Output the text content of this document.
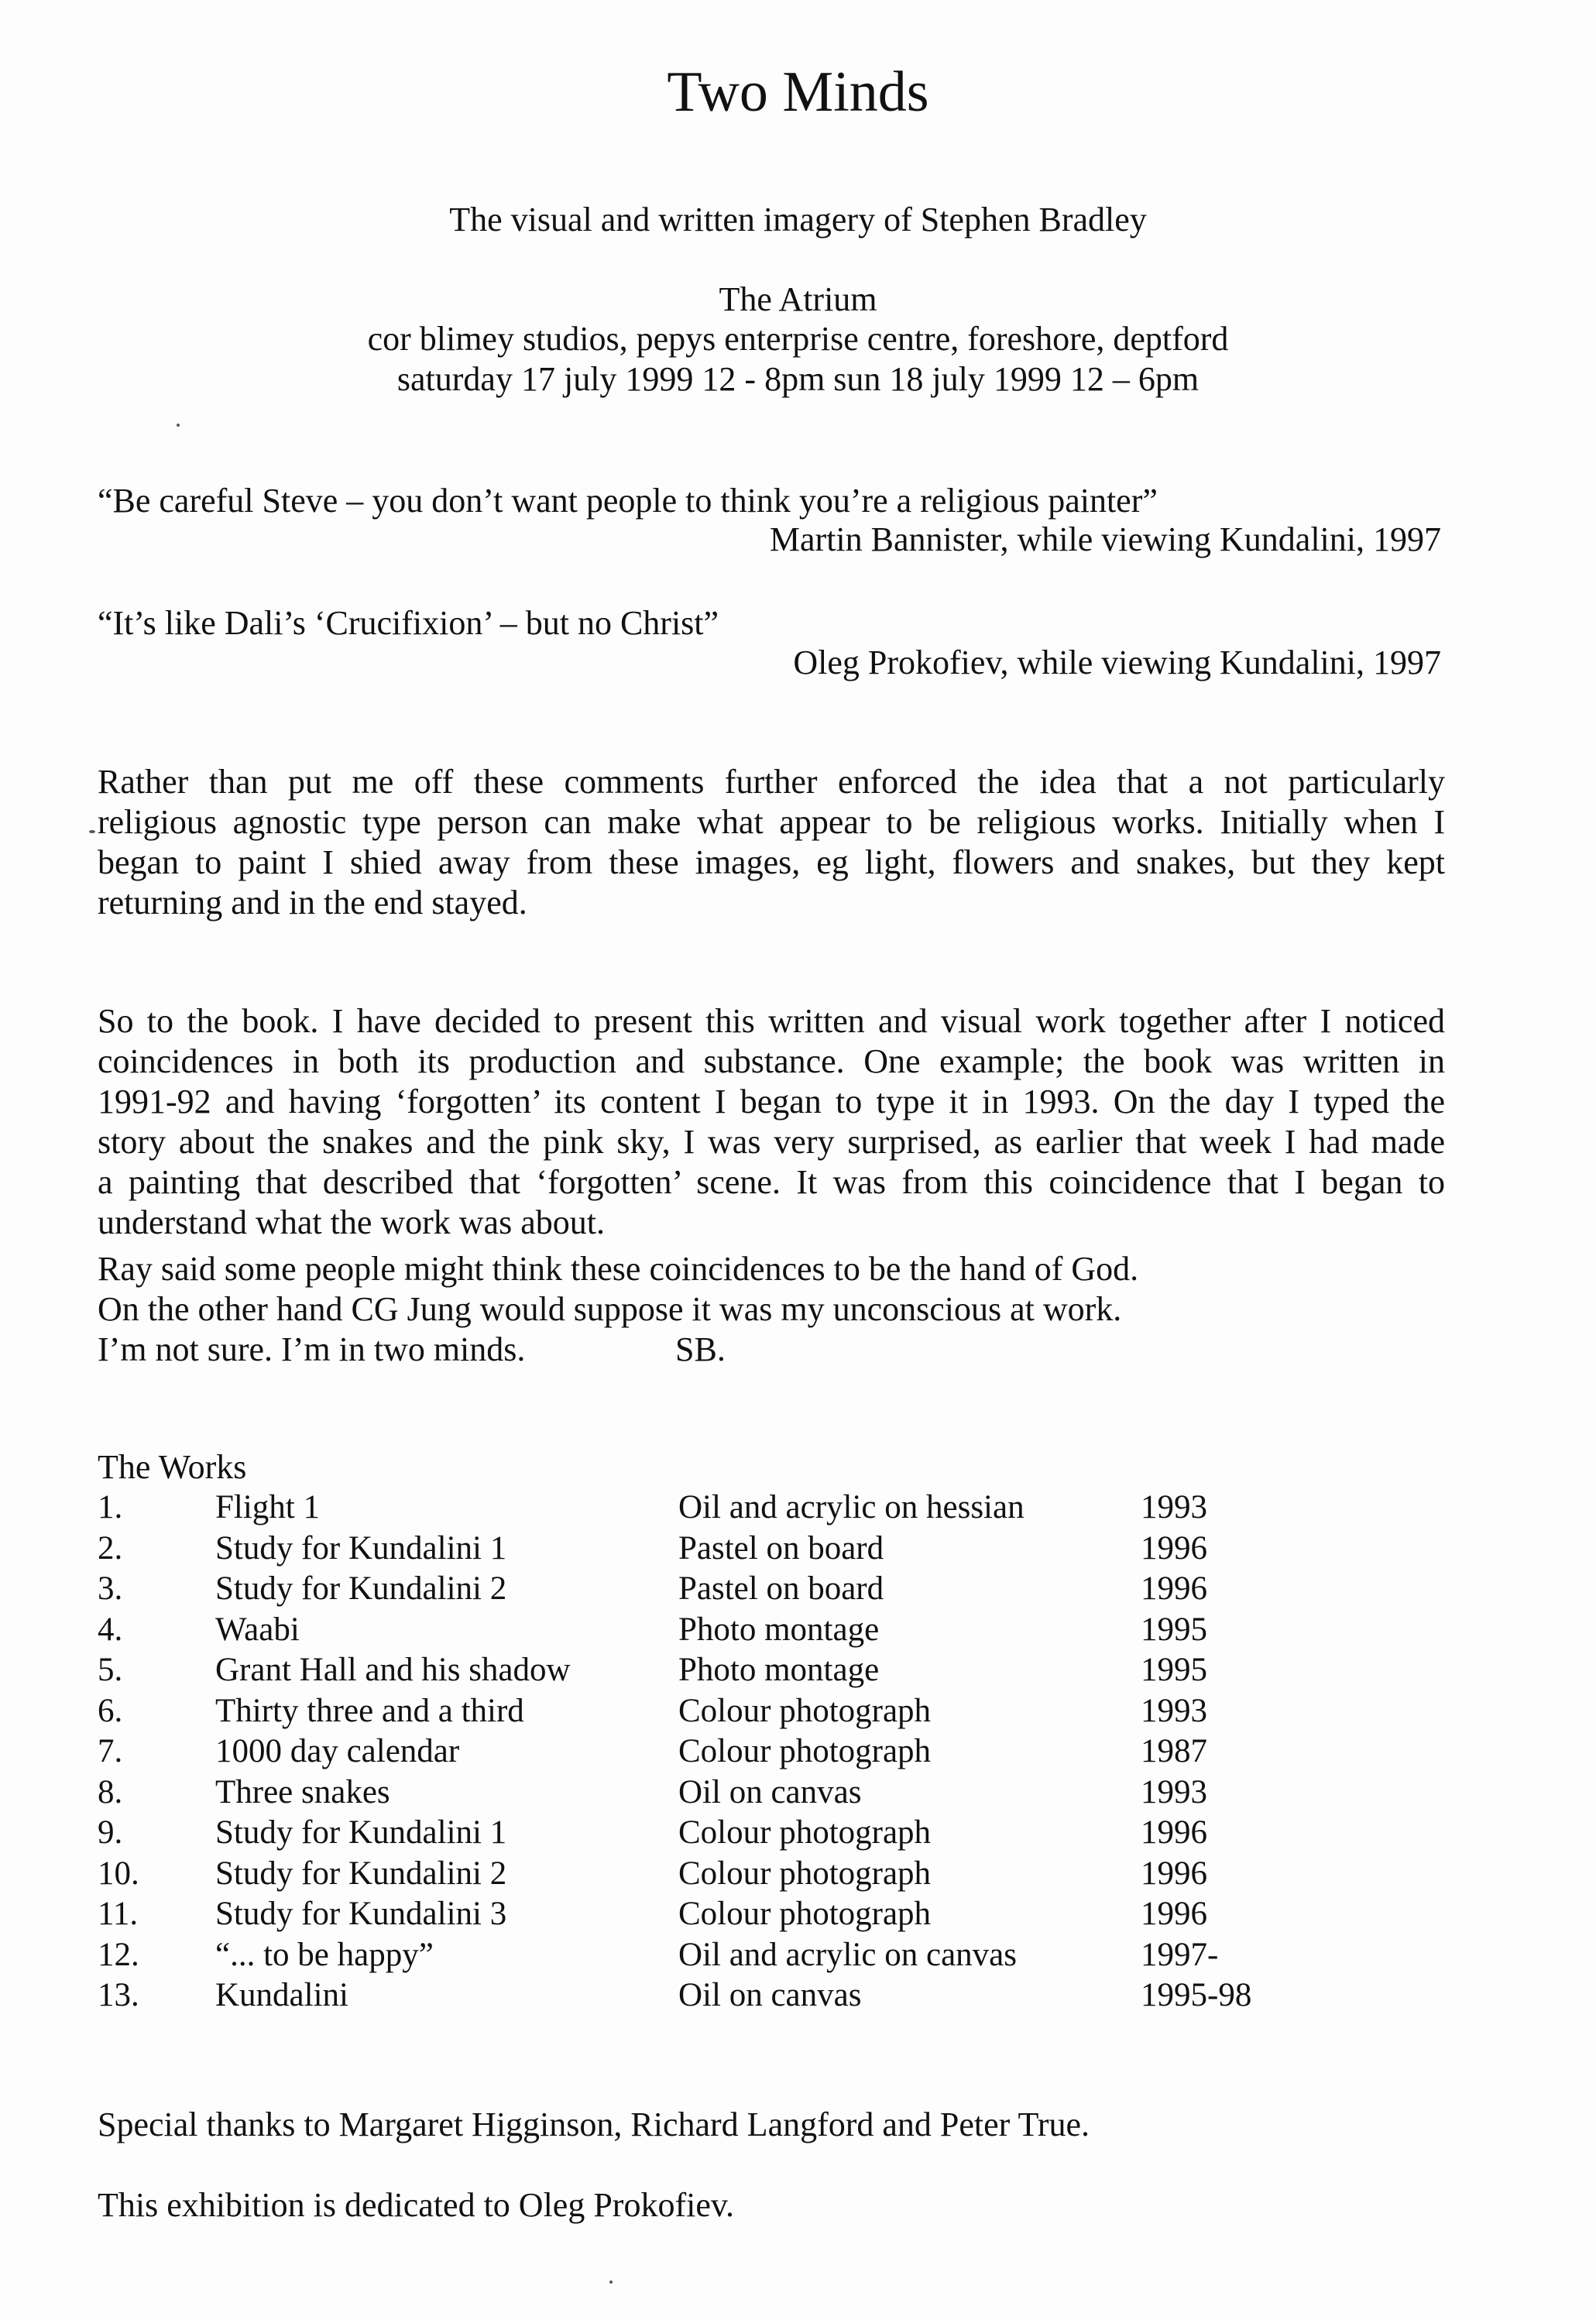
Two Minds
The visual and written imagery of Stephen Bradley
The Atrium
cor blimey studios, pepys enterprise centre, foreshore, deptford
saturday 17 july 1999 12 - 8pm sun 18 july 1999 12 – 6pm
“Be careful Steve – you don’t want people to think you’re a religious painter”
Martin Bannister, while viewing Kundalini, 1997
“It’s like Dali’s ‘Crucifixion’ – but no Christ”
Oleg Prokofiev, while viewing Kundalini, 1997
Rather than put me off these comments further enforced the idea that a not particularly
religious agnostic type person can make what appear to be religious works. Initially when I
began to paint I shied away from these images, eg light, flowers and snakes, but they kept
returning and in the end stayed.
So to the book. I have decided to present this written and visual work together after I noticed
coincidences in both its production and substance. One example; the book was written in
1991-92 and having ‘forgotten’ its content I began to type it in 1993. On the day I typed the
story about the snakes and the pink sky, I was very surprised, as earlier that week I had made
a painting that described that ‘forgotten’ scene. It was from this coincidence that I began to
understand what the work was about.
Ray said some people might think these coincidences to be the hand of God.
On the other hand CG Jung would suppose it was my unconscious at work.
I’m not sure. I’m in two minds.	SB.
The Works
1.	Flight 1	Oil and acrylic on hessian	1993
2.	Study for Kundalini 1	Pastel on board	1996
3.	Study for Kundalini 2	Pastel on board	1996
4.	Waabi	Photo montage	1995
5.	Grant Hall and his shadow	Photo montage	1995
6.	Thirty three and a third	Colour photograph	1993
7.	1000 day calendar	Colour photograph	1987
8.	Three snakes	Oil on canvas	1993
9.	Study for Kundalini 1	Colour photograph	1996
10. Study for Kundalini 2	Colour photograph	1996
11. Study for Kundalini 3	Colour photograph	1996
12. “... to be happy”	Oil and acrylic on canvas	1997-
13. Kundalini	Oil on canvas	1995-98
Special thanks to Margaret Higginson, Richard Langford and Peter True.
This exhibition is dedicated to Oleg Prokofiev.
